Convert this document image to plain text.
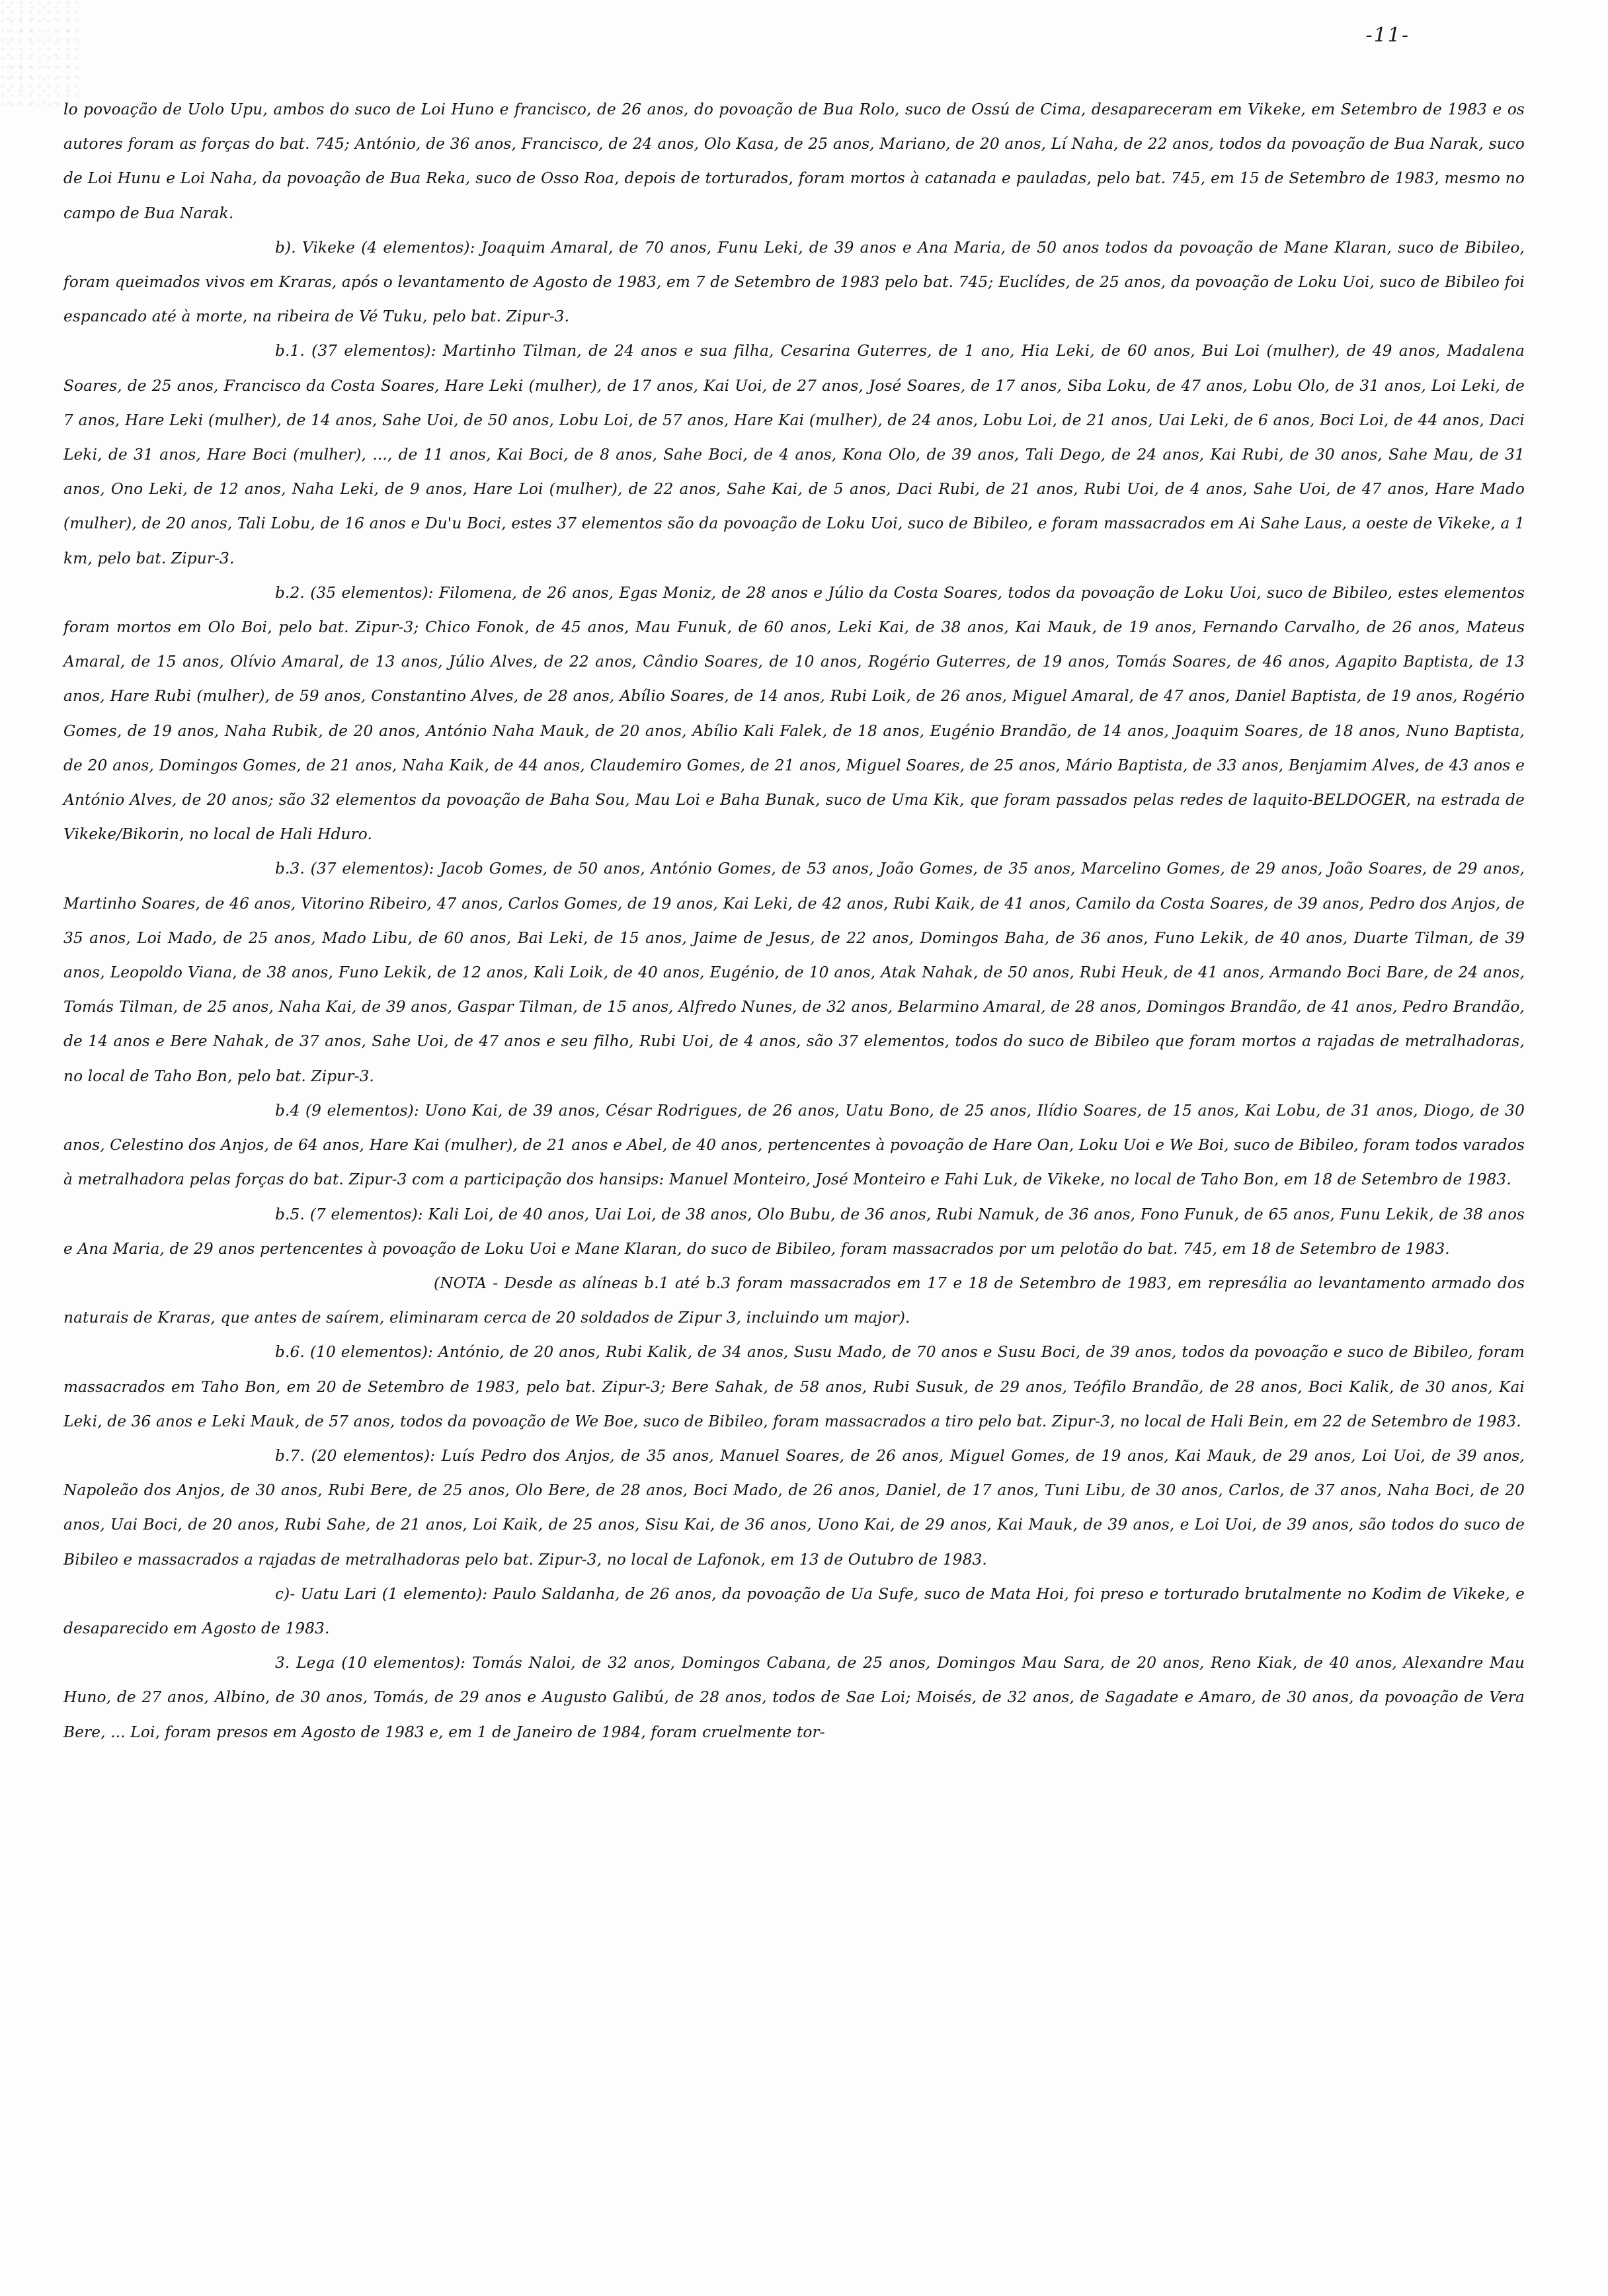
-11-

lo povoação de Uolo Upu, ambos do suco de Loi Huno e francisco, de 26 anos, do povoação de Bua Rolo, suco de Ossú de Cima, desapareceram em Vikeke, em Setembro de 1983 e os autores foram as forças do bat. 745; António, de 36 anos, Francisco, de 24 anos, Olo Kasa, de 25 anos, Mariano, de 20 anos, Lí Naha, de 22 anos, todos da povoação de Bua Narak, suco de Loi Hunu e Loi Naha, da povoação de Bua Reka, suco de Osso Roa, depois de torturados, foram mortos à catanada e pauladas, pelo bat. 745, em 15 de Setembro de 1983, mesmo no campo de Bua Narak.

b). Vikeke (4 elementos): Joaquim Amaral, de 70 anos, Funu Leki, de 39 anos e Ana Maria, de 50 anos todos da povoação de Mane Klaran, suco de Bibileo, foram queimados vivos em Kraras, após o levantamento de Agosto de 1983, em 7 de Setembro de 1983 pelo bat. 745; Euclídes, de 25 anos, da povoação de Loku Uoi, suco de Bibileo foi espancado até à morte, na ribeira de Vé Tuku, pelo bat. Zipur-3.

b.1. (37 elementos): Martinho Tilman, de 24 anos e sua filha, Cesarina Guterres, de 1 ano, Hia Leki, de 60 anos, Bui Loi (mulher), de 49 anos, Madalena Soares, de 25 anos, Francisco da Costa Soares, Hare Leki (mulher), de 17 anos, Kai Uoi, de 27 anos, José Soares, de 17 anos, Siba Loku, de 47 anos, Lobu Olo, de 31 anos, Loi Leki, de 7 anos, Hare Leki (mulher), de 14 anos, Sahe Uoi, de 50 anos, Lobu Loi, de 57 anos, Hare Kai (mulher), de 24 anos, Lobu Loi, de 21 anos, Uai Leki, de 6 anos, Boci Loi, de 44 anos, Daci Leki, de 31 anos, Hare Boci (mulher), ..., de 11 anos, Kai Boci, de 8 anos, Sahe Boci, de 4 anos, Kona Olo, de 39 anos, Tali Dego, de 24 anos, Kai Rubi, de 30 anos, Sahe Mau, de 31 anos, Ono Leki, de 12 anos, Naha Leki, de 9 anos, Hare Loi (mulher), de 22 anos, Sahe Kai, de 5 anos, Daci Rubi, de 21 anos, Rubi Uoi, de 4 anos, Sahe Uoi, de 47 anos, Hare Mado (mulher), de 20 anos, Tali Lobu, de 16 anos e Du'u Boci, estes 37 elementos são da povoação de Loku Uoi, suco de Bibileo, e foram massacrados em Ai Sahe Laus, a oeste de Vikeke, a 1 km, pelo bat. Zipur-3.

b.2. (35 elementos): Filomena, de 26 anos, Egas Moniz, de 28 anos e Júlio da Costa Soares, todos da povoação de Loku Uoi, suco de Bibileo, estes elementos foram mortos em Olo Boi, pelo bat. Zipur-3; Chico Fonok, de 45 anos, Mau Funuk, de 60 anos, Leki Kai, de 38 anos, Kai Mauk, de 19 anos, Fernando Carvalho, de 26 anos, Mateus Amaral, de 15 anos, Olívio Amaral, de 13 anos, Júlio Alves, de 22 anos, Cândio Soares, de 10 anos, Rogério Guterres, de 19 anos, Tomás Soares, de 46 anos, Agapito Baptista, de 13 anos, Hare Rubi (mulher), de 59 anos, Constantino Alves, de 28 anos, Abílio Soares, de 14 anos, Rubi Loik, de 26 anos, Miguel Amaral, de 47 anos, Daniel Baptista, de 19 anos, Rogério Gomes, de 19 anos, Naha Rubik, de 20 anos, António Naha Mauk, de 20 anos, Abílio Kali Falek, de 18 anos, Eugénio Brandão, de 14 anos, Joaquim Soares, de 18 anos, Nuno Baptista, de 20 anos, Domingos Gomes, de 21 anos, Naha Kaik, de 44 anos, Claudemiro Gomes, de 21 anos, Miguel Soares, de 25 anos, Mário Baptista, de 33 anos, Benjamim Alves, de 43 anos e António Alves, de 20 anos; são 32 elementos da povoação de Baha Sou, Mau Loi e Baha Bunak, suco de Uma Kik, que foram passados pelas redes de laquito-BELDOGER, na estrada de Vikeke/Bikorin, no local de Hali Hduro.

b.3. (37 elementos): Jacob Gomes, de 50 anos, António Gomes, de 53 anos, João Gomes, de 35 anos, Marcelino Gomes, de 29 anos, João Soares, de 29 anos, Martinho Soares, de 46 anos, Vitorino Ribeiro, 47 anos, Carlos Gomes, de 19 anos, Kai Leki, de 42 anos, Rubi Kaik, de 41 anos, Camilo da Costa Soares, de 39 anos, Pedro dos Anjos, de 35 anos, Loi Mado, de 25 anos, Mado Libu, de 60 anos, Bai Leki, de 15 anos, Jaime de Jesus, de 22 anos, Domingos Baha, de 36 anos, Funo Lekik, de 40 anos, Duarte Tilman, de 39 anos, Leopoldo Viana, de 38 anos, Funo Lekik, de 12 anos, Kali Loik, de 40 anos, Eugénio, de 10 anos, Atak Nahak, de 50 anos, Rubi Heuk, de 41 anos, Armando Boci Bare, de 24 anos, Tomás Tilman, de 25 anos, Naha Kai, de 39 anos, Gaspar Tilman, de 15 anos, Alfredo Nunes, de 32 anos, Belarmino Amaral, de 28 anos, Domingos Brandão, de 41 anos, Pedro Brandão, de 14 anos e Bere Nahak, de 37 anos, Sahe Uoi, de 47 anos e seu filho, Rubi Uoi, de 4 anos, são 37 elementos, todos do suco de Bibileo que foram mortos a rajadas de metralhadoras, no local de Taho Bon, pelo bat. Zipur-3.

b.4 (9 elementos): Uono Kai, de 39 anos, César Rodrigues, de 26 anos, Uatu Bono, de 25 anos, Ilídio Soares, de 15 anos, Kai Lobu, de 31 anos, Diogo, de 30 anos, Celestino dos Anjos, de 64 anos, Hare Kai (mulher), de 21 anos e Abel, de 40 anos, pertencentes à povoação de Hare Oan, Loku Uoi e We Boi, suco de Bibileo, foram todos varados à metralhadora pelas forças do bat. Zipur-3 com a participação dos hansips: Manuel Monteiro, José Monteiro e Fahi Luk, de Vikeke, no local de Taho Bon, em 18 de Setembro de 1983.

b.5. (7 elementos): Kali Loi, de 40 anos, Uai Loi, de 38 anos, Olo Bubu, de 36 anos, Rubi Namuk, de 36 anos, Fono Funuk, de 65 anos, Funu Lekik, de 38 anos e Ana Maria, de 29 anos pertencentes à povoação de Loku Uoi e Mane Klaran, do suco de Bibileo, foram massacrados por um pelotão do bat. 745, em 18 de Setembro de 1983.

(NOTA - Desde as alíneas b.1 até b.3 foram massacrados em 17 e 18 de Setembro de 1983, em represália ao levantamento armado dos naturais de Kraras, que antes de saírem, eliminaram cerca de 20 soldados de Zipur 3, incluindo um major).

b.6. (10 elementos): António, de 20 anos, Rubi Kalik, de 34 anos, Susu Mado, de 70 anos e Susu Boci, de 39 anos, todos da povoação e suco de Bibileo, foram massacrados em Taho Bon, em 20 de Setembro de 1983, pelo bat. Zipur-3; Bere Sahak, de 58 anos, Rubi Susuk, de 29 anos, Teófilo Brandão, de 28 anos, Boci Kalik, de 30 anos, Kai Leki, de 36 anos e Leki Mauk, de 57 anos, todos da povoação de We Boe, suco de Bibileo, foram massacrados a tiro pelo bat. Zipur-3, no local de Hali Bein, em 22 de Setembro de 1983.

b.7. (20 elementos): Luís Pedro dos Anjos, de 35 anos, Manuel Soares, de 26 anos, Miguel Gomes, de 19 anos, Kai Mauk, de 29 anos, Loi Uoi, de 39 anos, Napoleão dos Anjos, de 30 anos, Rubi Bere, de 25 anos, Olo Bere, de 28 anos, Boci Mado, de 26 anos, Daniel, de 17 anos, Tuni Libu, de 30 anos, Carlos, de 37 anos, Naha Boci, de 20 anos, Uai Boci, de 20 anos, Rubi Sahe, de 21 anos, Loi Kaik, de 25 anos, Sisu Kai, de 36 anos, Uono Kai, de 29 anos, Kai Mauk, de 39 anos, e Loi Uoi, de 39 anos, são todos do suco de Bibileo e massacrados a rajadas de metralhadoras pelo bat. Zipur-3, no local de Lafonok, em 13 de Outubro de 1983.

c)- Uatu Lari (1 elemento): Paulo Saldanha, de 26 anos, da povoação de Ua Sufe, suco de Mata Hoi, foi preso e torturado brutalmente no Kodim de Vikeke, e desaparecido em Agosto de 1983.

3. Lega (10 elementos): Tomás Naloi, de 32 anos, Domingos Cabana, de 25 anos, Domingos Mau Sara, de 20 anos, Reno Kiak, de 40 anos, Alexandre Mau Huno, de 27 anos, Albino, de 30 anos, Tomás, de 29 anos e Augusto Galibú, de 28 anos, todos de Sae Loi; Moisés, de 32 anos, de Sagadate e Amaro, de 30 anos, da povoação de Vera Bere, ... Loi, foram presos em Agosto de 1983 e, em 1 de Janeiro de 1984, foram cruelmente tor-
